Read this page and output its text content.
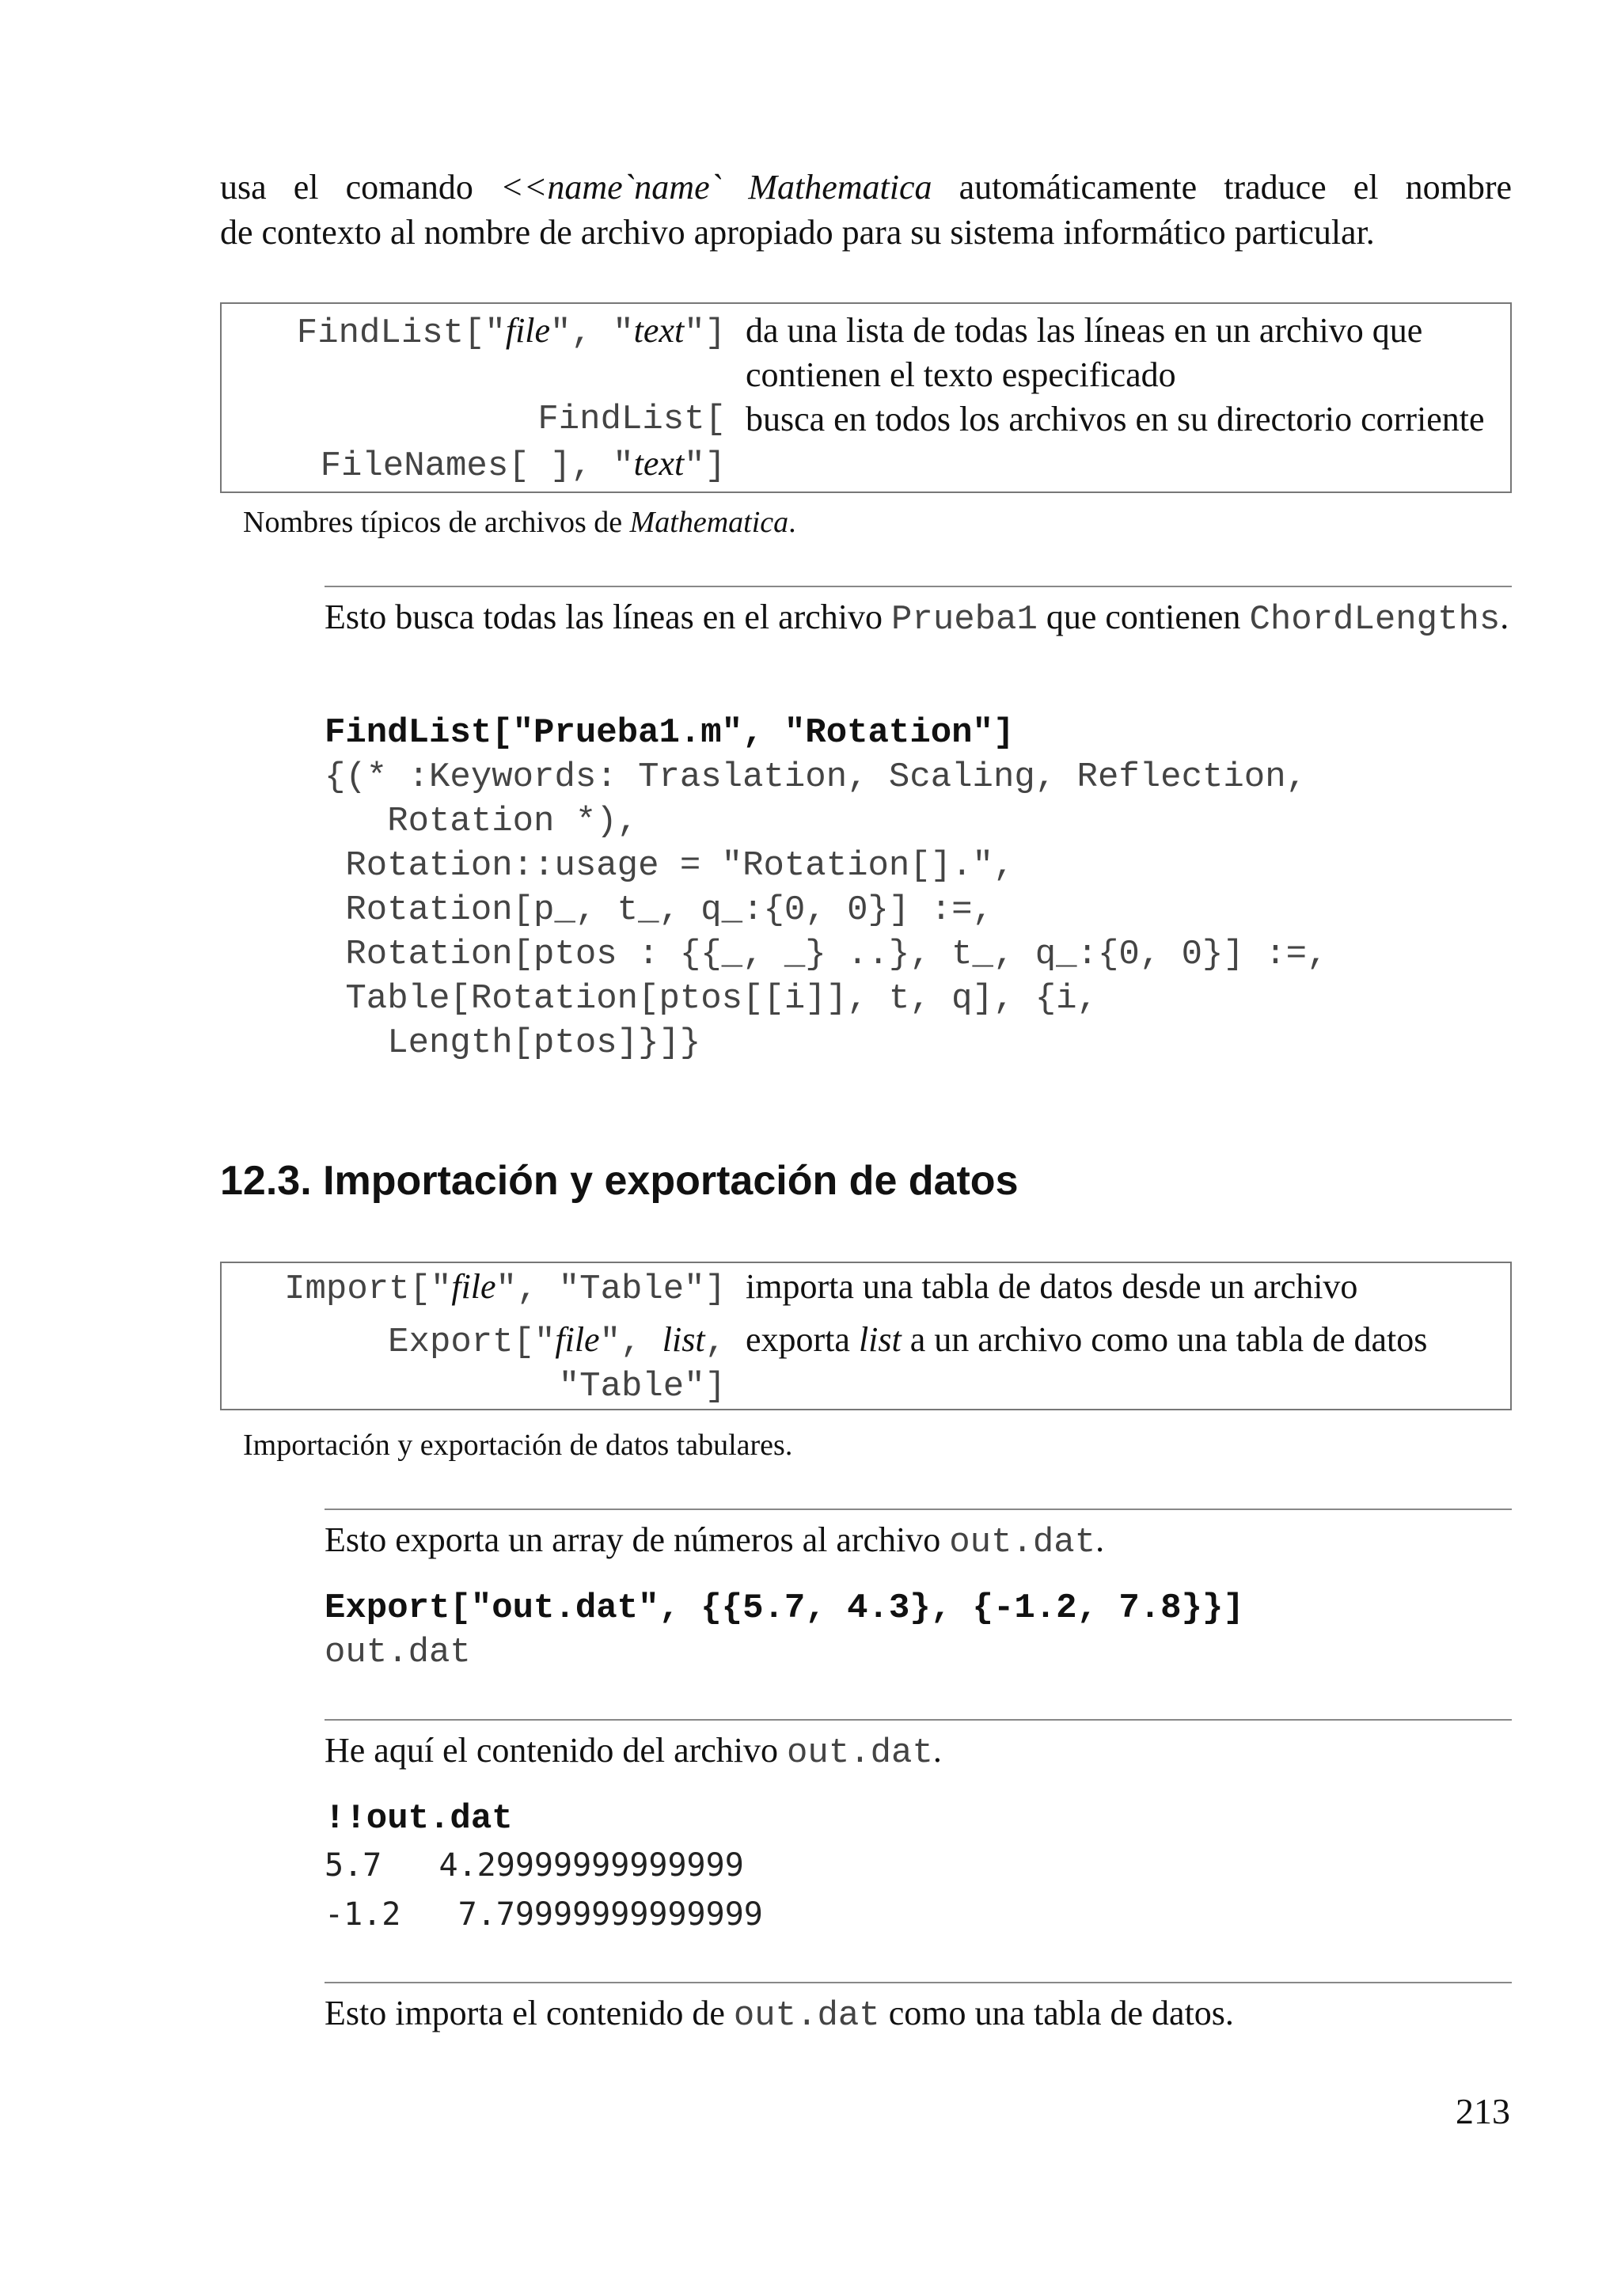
usa el comando <<name`name` Mathematica automáticamente traduce el nombre
de contexto al nombre de archivo apropiado para su sistema informático particular.
FindList["file", "text"] da una lista de todas las líneas en un archivo que contienen el texto especificado
FindList[
FileNames[ ], "text"]
busca en todos los archivos en su directorio corriente
Nombres típicos de archivos de Mathematica.
Esto busca todas las líneas en el archivo Prueba1 que contienen ChordLengths.
FindList["Prueba1.m", "Rotation"]
{(* :Keywords: Traslation, Scaling, Reflection,
Rotation *),
Rotation::usage = "Rotation[].",
Rotation[p_, t_, q_:{0, 0}] :=,
Rotation[ptos : {{_, _} ..}, t_, q_:{0, 0}] :=,
Table[Rotation[ptos[[i]], t, q], {i,
Length[ptos]}]}
12.3. Importación y exportación de datos
Import["file", "Table"] importa una tabla de datos desde un archivo
Export["file", list,
"Table"]
exporta list a un archivo como una tabla de datos
Importación y exportación de datos tabulares.
Esto exporta un array de números al archivo out.dat.
Export["out.dat", {{5.7, 4.3}, {-1.2, 7.8}}]
out.dat
He aquí el contenido del archivo out.dat.
!!out.dat
5.7   4.29999999999999
-1.2   7.79999999999999
Esto importa el contenido de out.dat como una tabla de datos.
213
